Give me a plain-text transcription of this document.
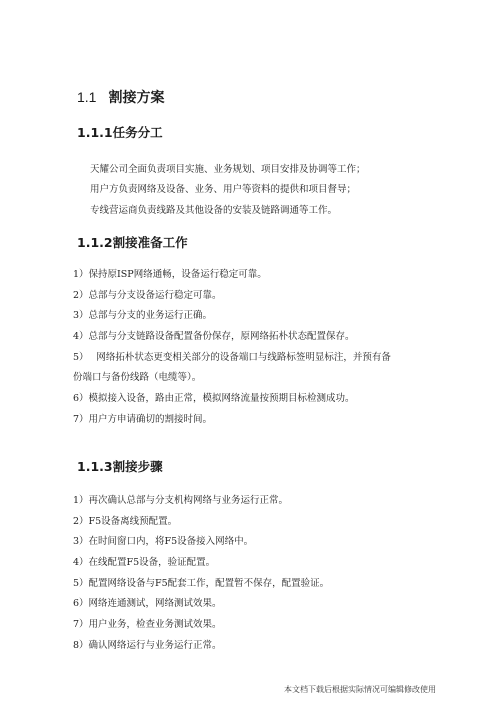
1.1 割接方案
1.1.1任务分工
天耀公司全面负责项目实施、业务规划、项目安排及协调等工作；
用户方负责网络及设备、业务、用户等资料的提供和项目督导；
专线营运商负责线路及其他设备的安装及链路调通等工作。
1.1.2割接准备工作
1）保持原ISP网络通畅，设备运行稳定可靠。
2）总部与分支设备运行稳定可靠。
3）总部与分支的业务运行正确。
4）总部与分支链路设备配置备份保存，原网络拓朴状态配置保存。
5）　 网络拓朴状态更变相关部分的设备端口与线路标签明显标注，并预有备
份端口与备份线路（电缆等）。
6）模拟接入设备，路由正常，模拟网络流量按预期目标检测成功。
7）用户方申请确切的割接时间。
1.1.3割接步骤
1）再次确认总部与分支机构网络与业务运行正常。
2）F5设备离线预配置。
3）在时间窗口内，将F5设备接入网络中。
4）在线配置F5设备，验证配置。
5）配置网络设备与F5配套工作，配置暂不保存，配置验证。
6）网络连通测试，网络测试效果。
7）用户业务，检查业务测试效果。
8）确认网络运行与业务运行正常。
本文档下载后根据实际情况可编辑修改使用
